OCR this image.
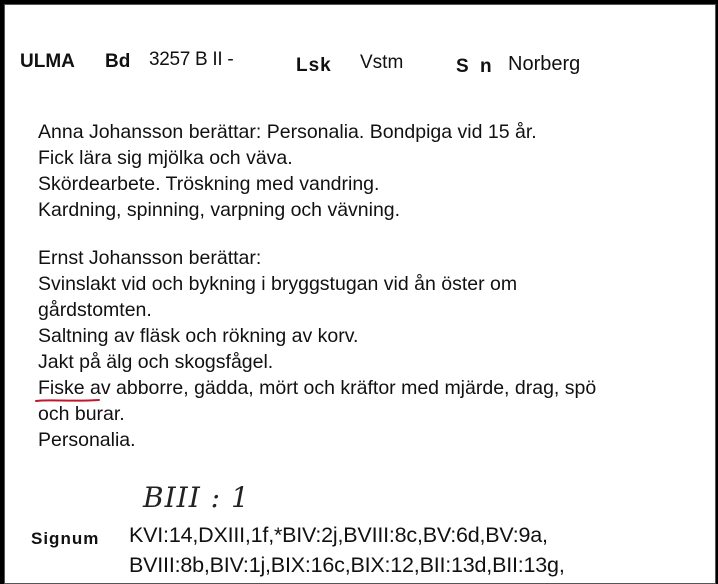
ULMA Bd 3257 B II -	Lsk Vstm	S n Norberg

Anna Johansson berättar: Personalia. Bondpiga vid 15 år.

Fick lära sig mjölka och väva.

Skördearbete. Tröskning med vandring.

Kardning, spinning, varpning och vävning.

Ernst Johansson berättar:

Svinslakt vid och bykning i bryggstugan vid ån öster om

gårdstomten.

Saltning av fläsk och rökning av korv.

Jakt på älg och skogsfågel.

Fiske
av abborre, gädda, mört och kräftor med mjärde, drag, spö

och burar.

Personalia.

BIII : 1
Signum KVI:14,DXIII,1f,*BIV:2j,BVIII:8c,BV:6d,BV:9a,
BVIII:8b,BIV:1j,BIX:16c,BIX:12,BII:13d,BII:13g,
